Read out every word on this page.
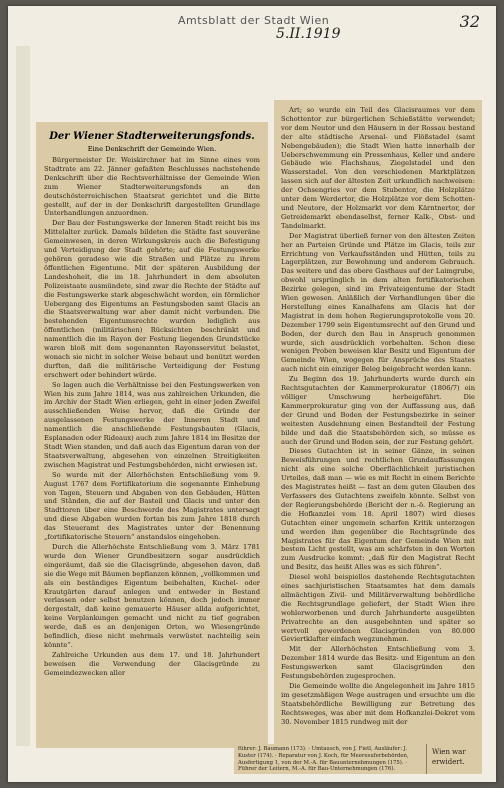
Amtsblatt der Stadt Wien
5.II.1919
32
Der Wiener Stadterweiterungsfonds.
Eine Denkschrift der Gemeinde Wien.

Bürgermeister Dr. Weiskirchner hat im Sinne eines vom Stadtrate am 22. Jänner gefaßten Beschlusses nachstehende Denkschrift über die Rechtsverhältnisse der Gemeinde Wien zum Wiener Stadterweiterungsfonds an den deutschösterreichischen Staatsrat gerichtet und die Bitte gestellt, auf der in der Denkschrift dargestellten Grundlage Unterhandlungen anzuordnen.

Der Bau der Festungswerke der Inneren Stadt reicht bis ins Mittelalter zurück. Damals bildeten die Städte fast souveräne Gemeinwesen, in deren Wirkungskreis auch die Befestigung und Verteidigung der Stadt gehörte; auf die Festungswerke gehören geradeso wie die Straßen und Plätze zu ihrem öffentlichen Eigentume. Mit der späteren Ausbildung der Landeshoheit, die im 18. Jahrhundert in dem absoluten Polizeistaate ausmündete, sind zwar die Rechte der Städte auf die Festungswerke stark abgeschwächt worden, ein förmlicher Uebergang des Eigentums an Festungsboden samt Glacis an die Staatsverwaltung war aber damit nicht verbunden. Die bestehenden Eigentumsrechte wurden lediglich aus öffentlichen (militärischen) Rücksichten beschränkt und namentlich die im Rayon der Festung liegenden Grundstücke waren bloß mit dem sogenannten Rayonsservitut belastet, wonach sie nicht in solcher Weise bebaut und benützt werden durften, daß die militärische Verteidigung der Festung erschwert oder behindert würde.

So lagen auch die Verhältnisse bei den Festungswerken von Wien bis zum Jahre 1814, was aus zahlreichen Urkunden, die im Archiv der Stadt Wien erliegen, geht in einer jeden Zweifel ausschließenden Weise hervor, daß die Gründe der ausgelassenen Festungswerke der Inneren Stadt und namentlich die anschließende Festungsbauten (Glacis, Esplanaden oder Rideaux) auch zum Jahre 1814 im Besitze der Stadt Wien standen, und daß auch das Eigentum daran von der Staatsverwaltung, abgesehen von einzelnen Streitigkeiten zwischen Magistrat und Festungsbehörden, nicht erwiesen ist.

So wurde mit der Allerhöchsten Entschließung vom 9. August 1767 dem Fortifikatorium die sogenannte Einhebung von Tagen, Steuern und Abgaben von den Gebäuden, Hütten und Ständen, die auf der Basteil und Glacis und unter den Stadttoren über eine Beschwerde des Magistrates untersagt und diese Abgaben wurden fortan bis zum Jahre 1818 durch das Steueramt des Magistrates unter der Benennung „fortifikatorische Steuern“ anstandslos eingehoben.

Durch die Allerhöchste Entschließung vom 3. März 1781 wurde den Wiener Grundbesitzern sogar ausdrücklich eingeräumt, daß sie die Glacisgründe, abgesehen davon, daß sie die Wege mit Bäumen bepflanzen können, „vollkommen und als ein beständiges Eigentum beibehalten, Kuchel- oder Krautgärten darauf anlegen und entweder in Bestand verlassen oder selbst benutzen können, doch jedoch immer dergestalt, daß keine gemauerte Häuser allda aufgerichtet, keine Verplankungen gemacht und nicht zu tief gegraben werde, daß es an denjenigen Orten, wo Wiesengründe befindlich, diese nicht mehrmals verwüstet nachteilig sein könnte“.

Zahlreiche Urkunden aus dem 17. und 18. Jahrhundert beweisen die Verwendung der Glacisgründe zu Gemeindezwecken aller

Art; so wurde ein Teil des Glacisraumes vor dem Schottentor zur bürgerlichen Schießstätte verwendet; vor dem Neutor und den Häusern in der Rossau bestand der alte städtische Arsenal- und Flößstadel (samt Nebengebäuden); die Stadt Wien hatte innerhalb der Ueberschwemmung ein Pressenhaus, Keller und andere Gebäude wie Flachshaus, Ziegelstadel und den Wasserstadel. Von den verschiedenen Marktplätzen lassen sich auf der ältesten Zeit urkundlich nachweisen: der Ochsengries vor dem Stubentor, die Holzplätze unter dem Werdertor, die Holzplätze vor dem Schotten- und Neutore, der Holzmarkt vor dem Kärntnertor, der Getreidemarkt ebendaselbst, ferner Kalk-, Obst- und Tandelmarkt.

Der Magistrat überließ ferner von den ältesten Zeiten her an Parteien Gründe und Plätze im Glacis, teils zur Errichtung von Verkaufsständen und Hütten, teils zu Lagerplätzen, zur Bewohnung und anderem Gebrauch. Das weitere und das obere Gasthaus auf der Laimgrube, obwohl ursprünglich in dem alten fortifikatorischen Bezirke gelegen, sind im Privateigentume der Stadt Wien gewesen. Anläßlich der Verhandlungen über die Herstellung eines Kanalhafens am Glacis hat der Magistrat in dem hohen Regierungsprotokolle vom 20. Dezember 1799 sein Eigentumsrecht auf den Grund und Boden, der durch den Bau in Anspruch genommen wurde, sich ausdrücklich vorbehalten. Schon diese wenigen Proben beweisen klar Besitz und Eigentum der Gemeinde Wien, wogegen für Ansprüche des Staates auch nicht ein einziger Beleg beigebracht werden kann.

Zu Beginn des 19. Jahrhunderts wurde durch ein Rechtsgutachten der Kammerprokuratur (1806/7) ein völliger Umschwung herbeigeführt. Die Kammerprokuratur ging von der Auffassung aus, daß der Grund und Boden der Festungsbezirke in seiner weitesten Ausdehnung einen Bestandteil der Festung bilde und daß die Staatsbehörden sich, so müsse es auch der Grund und Boden sein, der zur Festung gehört.

Dieses Gutachten ist in seiner Gänze, in seinen Beweisführungen und rechtlichen Grundauffassungen nicht als eine solche Oberflächlichkeit juristischen Urteiles, daß man — wie es mit Recht in einem Berichte des Magistrates heißt — fast an dem guten Glauben des Verfassers des Gutachtens zweifeln könnte. Selbst von der Regierungsbehörde (Bericht der n.-ö. Regierung an die Hofkanzlei vom 18. April 1807) wird dieses Gutachten einer ungemein scharfen Kritik unterzogen und werden ihm gegenüber die Rechtsgründe des Magistrates für das Eigentum der Gemeinde Wien mit bestem Licht gestellt, was am schärfsten in den Worten zum Ausdrucke kommt: „daß für den Magistrat Recht und Besitz, das heißt Alles was es sich führen“.

Diesel wohl beispiellos dastehende Rechtsgutachten eines sachjuristischen Staatsamtes hat dem damals allmächtigen Zivil- und Militärverwaltung behördliche die Rechtsgrundlage geliefert, der Stadt Wien ihre wohlerworbenen und durch Jahrhunderte ausgeübten Privatrechte an den ausgebehnten und später so wertvoll gewordenen Glacisgründen von 80.000 Geviertklafter einfach wegzunehmen.

Mit der Allerhöchsten Entschließung vom 3. Dezember 1814 wurde das Besitz- und Eigentum an den Festungswerken samt Glacisgründen den Festungsbehörden zugesprochen.

Die Gemeinde wollte die Angelegenheit im Jahre 1815 im gesetzmäßigen Wege austragen und ersuchte um die Staatsbehördliche Bewilligung zur Betretung des Rechtsweges, was aber mit dem Hofkanzlei-Dekret vom 30. November 1815 rundweg mit der

führer: J. Baumann (173). · Umtausch, von J. Fietl, Ausläufer: J. Kuster (174). · Reparatur von J. Koch, für Meeresuferbehörden, Ausfertigung 1, von der M.-A. für Bauunternehmungen (175). · Führer der Leitern, M.-A. für Bau-Unternehmungen (176).
Wien war erwidert.
